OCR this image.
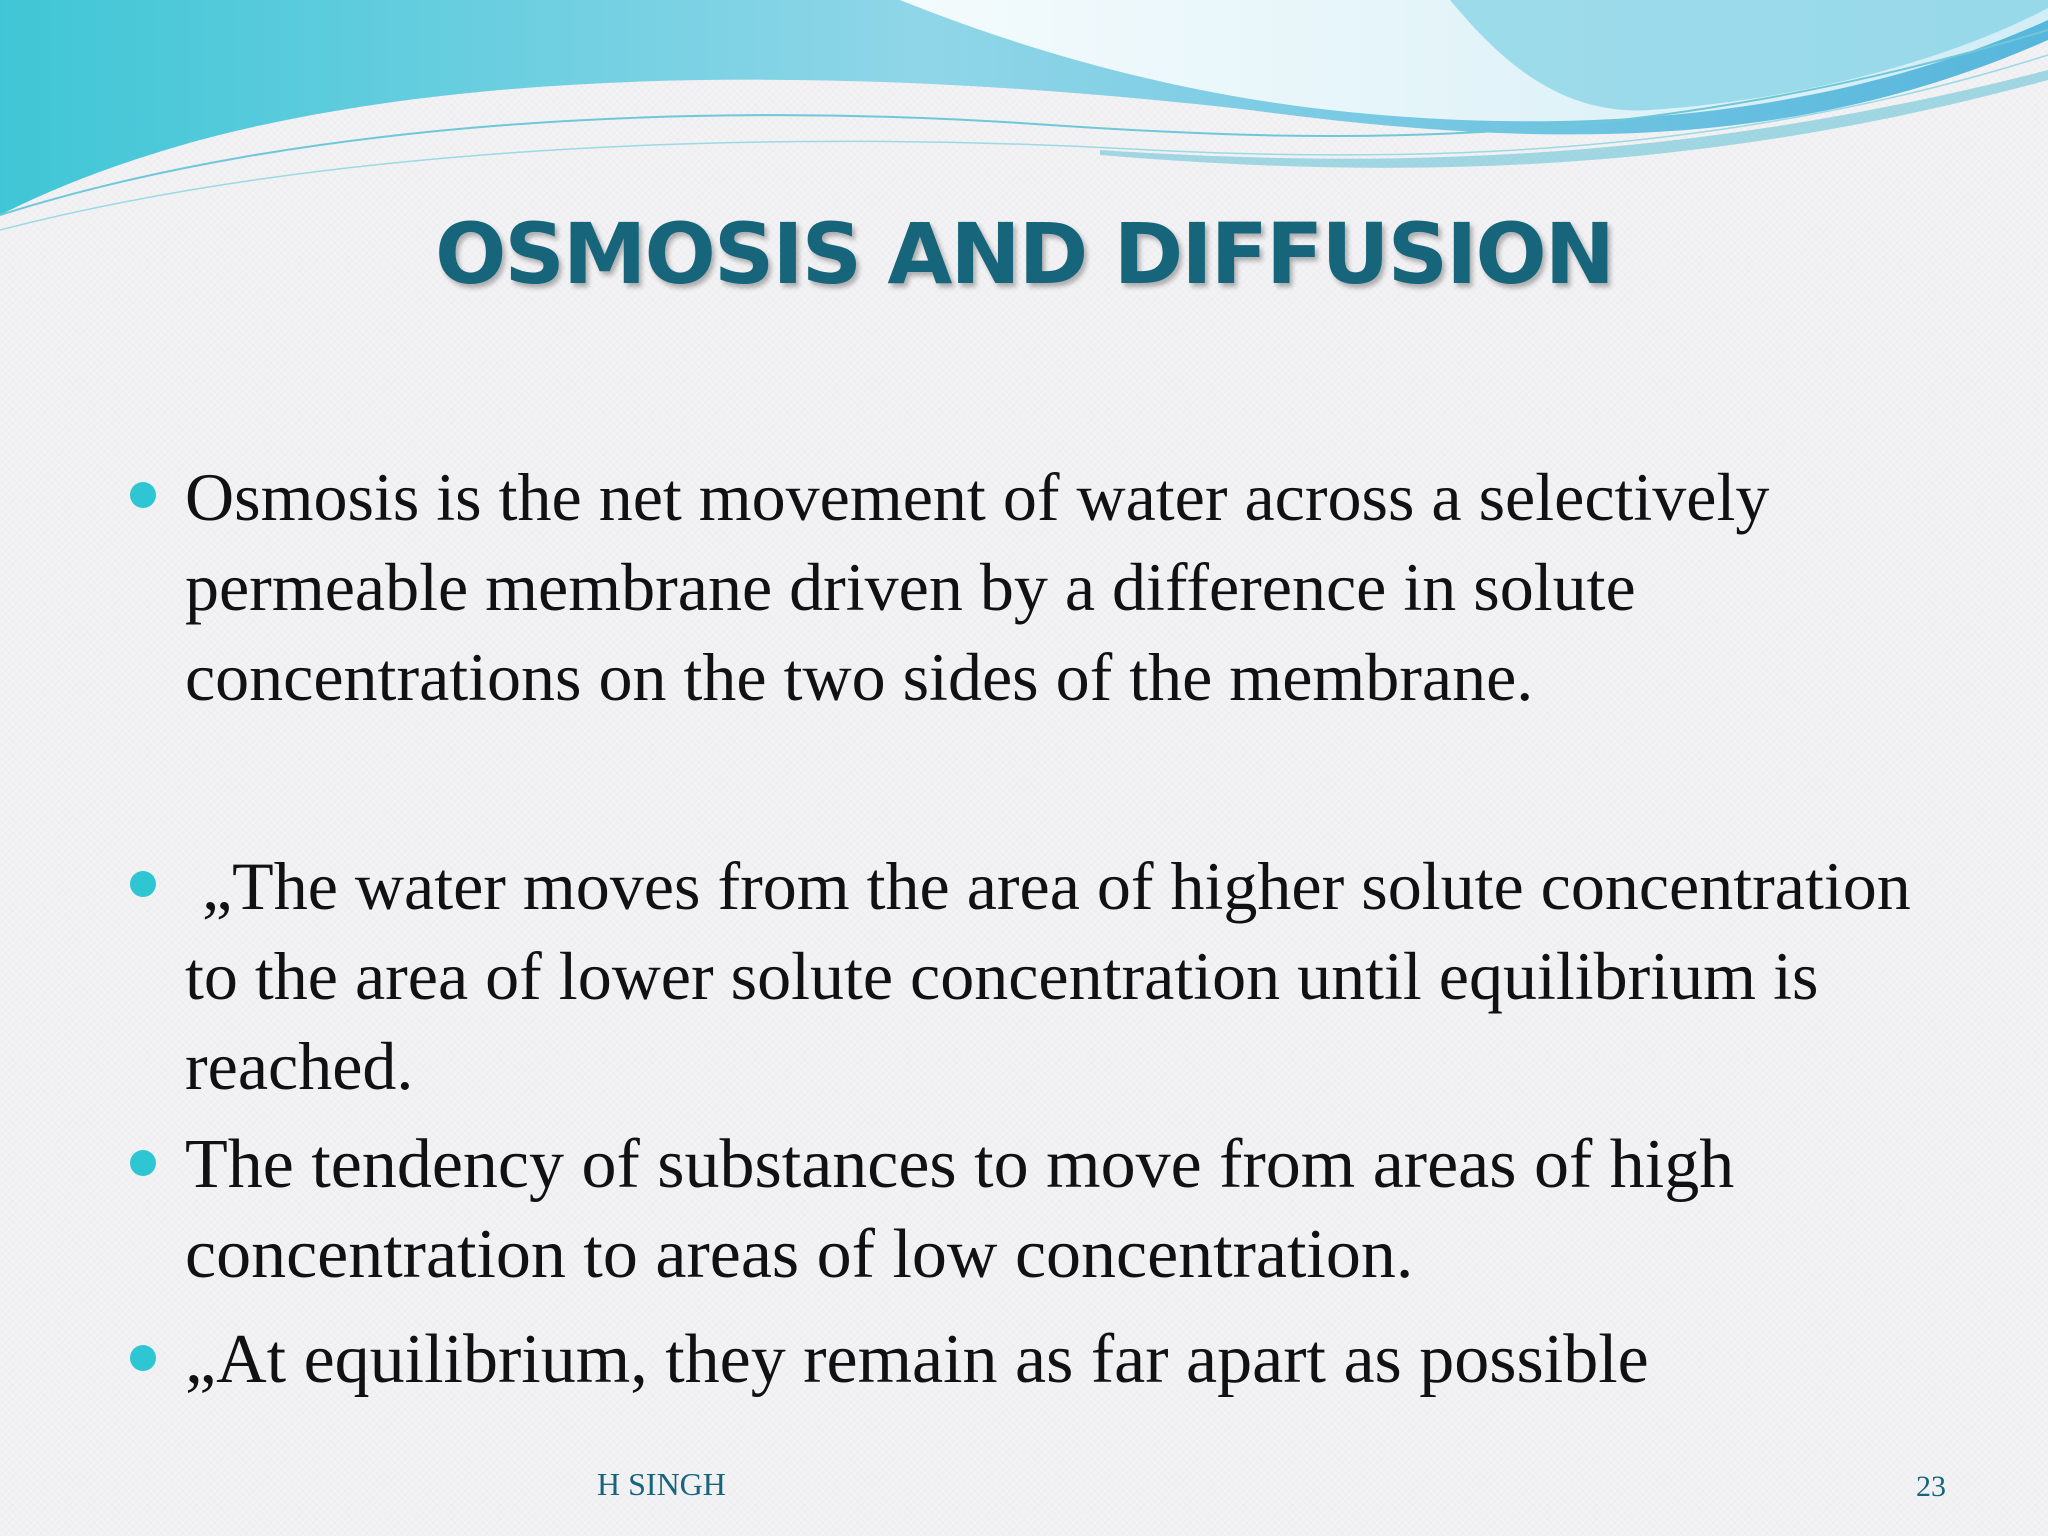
OSMOSIS AND DIFFUSION
Osmosis is the net movement of water across a selectively permeable membrane driven by a difference in solute concentrations on the two sides of the membrane.
„The water moves from the area of higher solute concentration to the area of lower solute concentration until equilibrium is reached.
The tendency of substances to move from areas of high concentration to areas of low concentration.
„At equilibrium, they remain as far apart as possible
H SINGH	23
